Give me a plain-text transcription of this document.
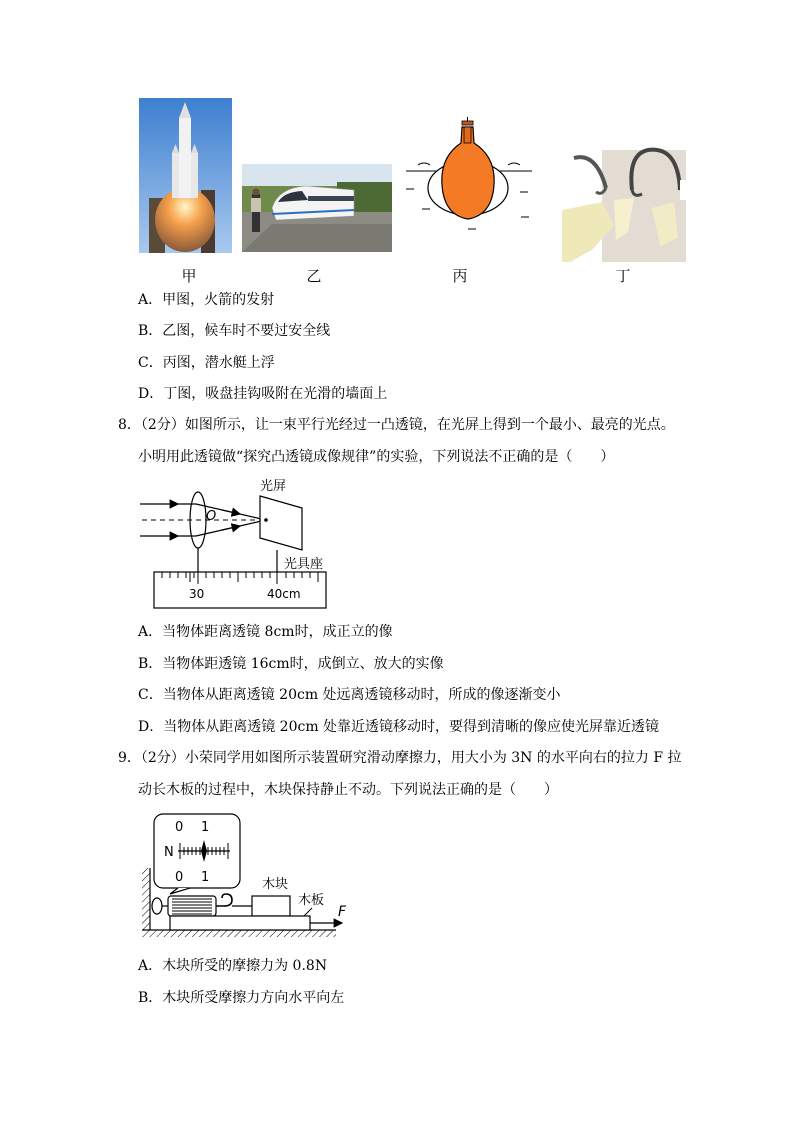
甲	乙	丙	丁
A．甲图，火箭的发射
B．乙图，候车时不要过安全线
C．丙图，潜水艇上浮
D．丁图，吸盘挂钩吸附在光滑的墙面上
8．（2分）如图所示，让一束平行光经过一凸透镜，在光屏上得到一个最小、最亮的光点。
小明用此透镜做“探究凸透镜成像规律”的实验，下列说法不正确的是（　　）
O
光屏
光具座
30	40cm
A．当物体距离透镜 8cm时，成正立的像
B．当物体距透镜 16cm时，成倒立、放大的实像
C．当物体从距离透镜 20cm 处远离透镜移动时，所成的像逐渐变小
D．当物体从距离透镜 20cm 处靠近透镜移动时，要得到清晰的像应使光屏靠近透镜
9．（2分）小荣同学用如图所示装置研究滑动摩擦力，用大小为 3N 的水平向右的拉力 F 拉
动长木板的过程中，木块保持静止不动。下列说法正确的是（　　）
0 1
N
0 1	木块
木板
F
A．木块所受的摩擦力为 0.8N
B．木块所受摩擦力方向水平向左
